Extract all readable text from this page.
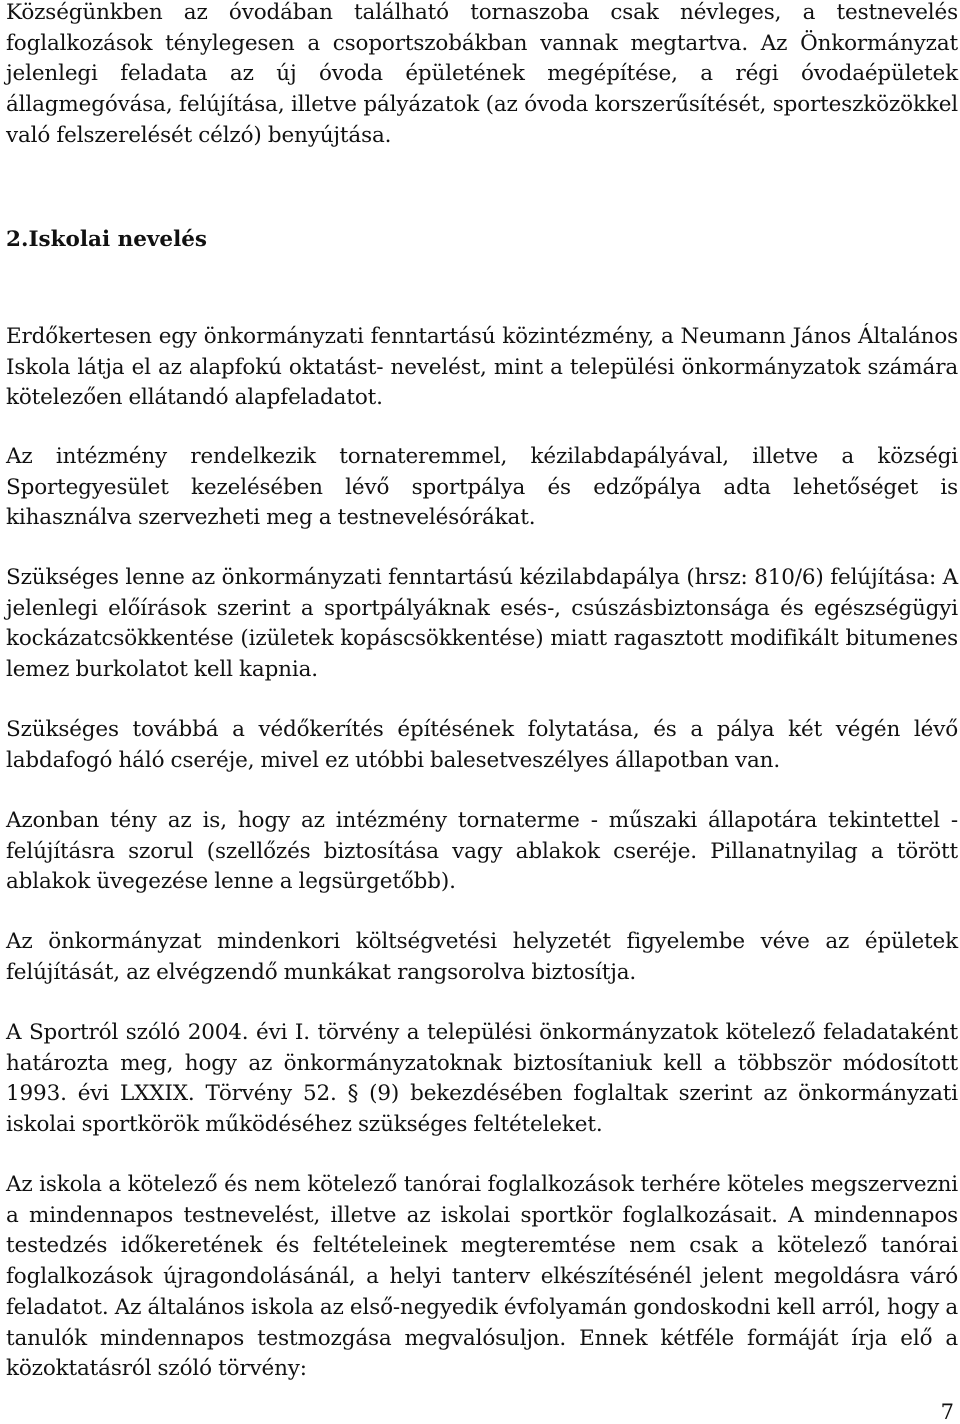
Községünkben az óvodában található tornaszoba csak névleges, a testnevelés foglalkozások ténylegesen a csoportszobákban vannak megtartva. Az Önkormányzat jelenlegi feladata az új óvoda épületének megépítése, a régi óvodaépületek állagmegóvása, felújítása, illetve pályázatok (az óvoda korszerűsítését, sporteszközökkel való felszerelését célzó) benyújtása.

2.Iskolai nevelés

Erdőkertesen egy önkormányzati fenntartású közintézmény, a Neumann János Általános Iskola látja el az alapfokú oktatást- nevelést, mint a települési önkormányzatok számára kötelezően ellátandó alapfeladatot.

Az intézmény rendelkezik tornateremmel, kézilabdapályával, illetve a községi Sportegyesület kezelésében lévő sportpálya és edzőpálya adta lehetőséget is kihasználva szervezheti meg a testnevelésórákat.

Szükséges lenne az önkormányzati fenntartású kézilabdapálya (hrsz: 810/6) felújítása: A jelenlegi előírások szerint a sportpályáknak esés-, csúszásbiztonsága és egészségügyi kockázatcsökkentése (izületek kopáscsökkentése) miatt ragasztott modifikált bitumenes lemez burkolatot kell kapnia.

Szükséges továbbá a védőkerítés építésének folytatása, és a pálya két végén lévő labdafogó háló cseréje, mivel ez utóbbi balesetveszélyes állapotban van.

Azonban tény az is, hogy az intézmény tornaterme - műszaki állapotára tekintettel - felújításra szorul (szellőzés biztosítása vagy ablakok cseréje. Pillanatnyilag a törött ablakok üvegezése lenne a legsürgetőbb).

Az önkormányzat mindenkori költségvetési helyzetét figyelembe véve az épületek felújítását, az elvégzendő munkákat rangsorolva biztosítja.

A Sportról szóló 2004. évi I. törvény a települési önkormányzatok kötelező feladataként határozta meg, hogy az önkormányzatoknak biztosítaniuk kell a többször módosított 1993. évi LXXIX. Törvény 52. § (9) bekezdésében foglaltak szerint az önkormányzati iskolai sportkörök működéséhez szükséges feltételeket.

Az iskola a kötelező és nem kötelező tanórai foglalkozások terhére köteles megszervezni a mindennapos testnevelést, illetve az iskolai sportkör foglalkozásait. A mindennapos testedzés időkeretének és feltételeinek megteremtése nem csak a kötelező tanórai foglalkozások újragondolásánál, a helyi tanterv elkészítésénél jelent megoldásra váró feladatot. Az általános iskola az első-negyedik évfolyamán gondoskodni kell arról, hogy a tanulók mindennapos testmozgása megvalósuljon. Ennek kétféle formáját írja elő a közoktatásról szóló törvény:

7
